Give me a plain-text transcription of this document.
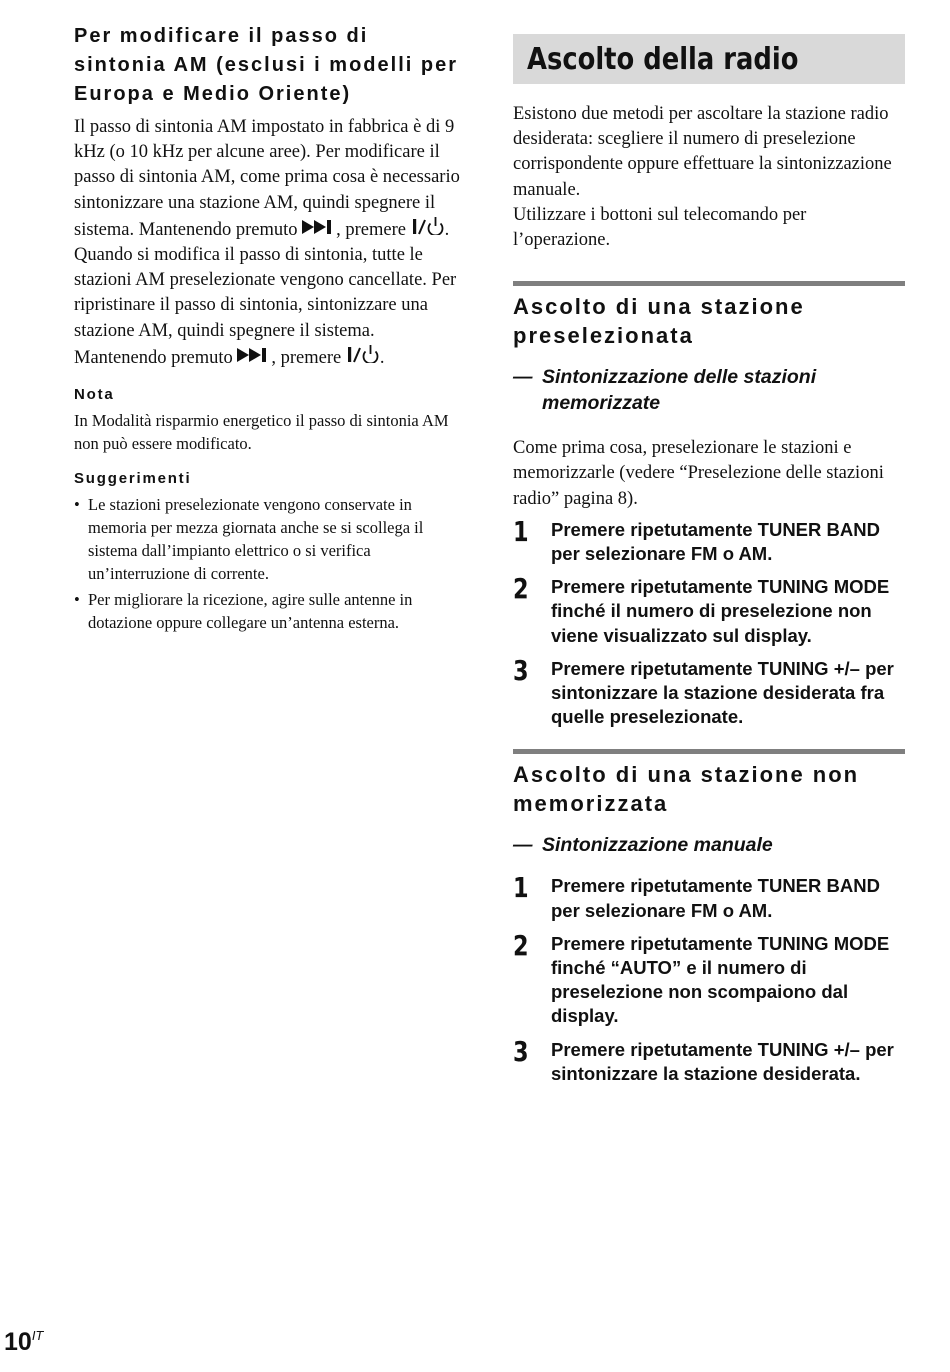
Per modificare il passo di sintonia AM (esclusi i modelli per Europa e Medio Oriente)

Il passo di sintonia AM impostato in fabbrica è di 9 kHz (o 10 kHz per alcune aree). Per modificare il passo di sintonia AM, come prima cosa è necessario sintonizzare una stazione AM, quindi spegnere il sistema. Mantenendo premuto , premere . Quando si modifica il passo di sintonia, tutte le stazioni AM preselezionate vengono cancellate. Per ripristinare il passo di sintonia, sintonizzare una stazione AM, quindi spegnere il sistema. Mantenendo premuto , premere .

Nota

In Modalità risparmio energetico il passo di sintonia AM non può essere modificato.

Suggerimenti
• Le stazioni preselezionate vengono conservate in memoria per mezza giornata anche se si scollega il sistema dall’impianto elettrico o si verifica un’interruzione di corrente.
• Per migliorare la ricezione, agire sulle antenne in dotazione oppure collegare un’antenna esterna.
Ascolto della radio

Esistono due metodi per ascoltare la stazione radio desiderata: scegliere il numero di preselezione corrispondente oppure effettuare la sintonizzazione manuale.

Utilizzare i bottoni sul telecomando per l’operazione.

Ascolto di una stazione preselezionata
— Sintonizzazione delle stazioni memorizzate

Come prima cosa, preselezionare le stazioni e memorizzarle (vedere “Preselezione delle stazioni radio” pagina 8).

1	Premere ripetutamente TUNER BAND per selezionare FM o AM.
2	Premere ripetutamente TUNING MODE finché il numero di preselezione non viene visualizzato sul display.
3	Premere ripetutamente TUNING +/– per sintonizzare la stazione desiderata fra quelle preselezionate.
Ascolto di una stazione non memorizzata
— Sintonizzazione manuale
1	Premere ripetutamente TUNER BAND per selezionare FM o AM.
2	Premere ripetutamente TUNING MODE finché “AUTO” e il numero di preselezione non scompaiono dal display.
3	Premere ripetutamente TUNING +/– per sintonizzare la stazione desiderata.
$10^{IT}$
